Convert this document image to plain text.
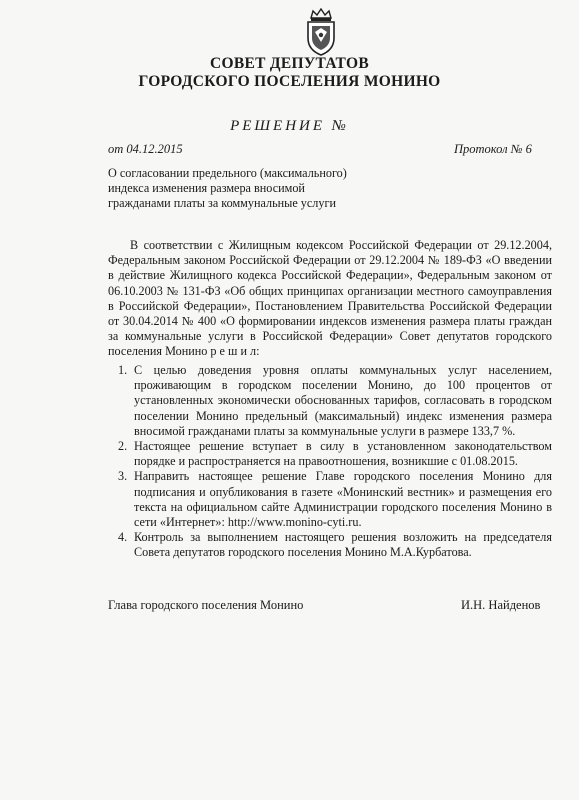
СОВЕТ ДЕПУТАТОВ
ГОРОДСКОГО ПОСЕЛЕНИЯ МОНИНО
РЕШЕНИЕ №
от 04.12.2015	Протокол № 6
О согласовании предельного (максимального) индекса изменения размера вносимой гражданами платы за коммунальные услуги
В соответствии с Жилищным кодексом Российской Федерации от 29.12.2004, Федеральным законом Российской Федерации от 29.12.2004 № 189-ФЗ «О введении в действие Жилищного кодекса Российской Федерации», Федеральным законом от 06.10.2003 № 131-ФЗ «Об общих принципах организации местного самоуправления в Российской Федерации», Постановлением Правительства Российской Федерации от 30.04.2014 № 400 «О формировании индексов изменения размера платы граждан за коммунальные услуги в Российской Федерации» Совет депутатов городского поселения Монино р е ш и л:
1. С целью доведения уровня оплаты коммунальных услуг населением, проживающим в городском поселении Монино, до 100 процентов от установленных экономически обоснованных тарифов, согласовать в городском поселении Монино предельный (максимальный) индекс изменения размера вносимой гражданами платы за коммунальные услуги в размере 133,7 %.
2. Настоящее решение вступает в силу в установленном законодательством порядке и распространяется на правоотношения, возникшие с 01.08.2015.
3. Направить настоящее решение Главе городского поселения Монино для подписания и опубликования в газете «Монинский вестник» и размещения его текста на официальном сайте Администрации городского поселения Монино в сети «Интернет»: http://www.monino-cyti.ru.
4. Контроль за выполнением настоящего решения возложить на председателя Совета депутатов городского поселения Монино М.А.Курбатова.
Глава городского поселения Монино	И.Н. Найденов
